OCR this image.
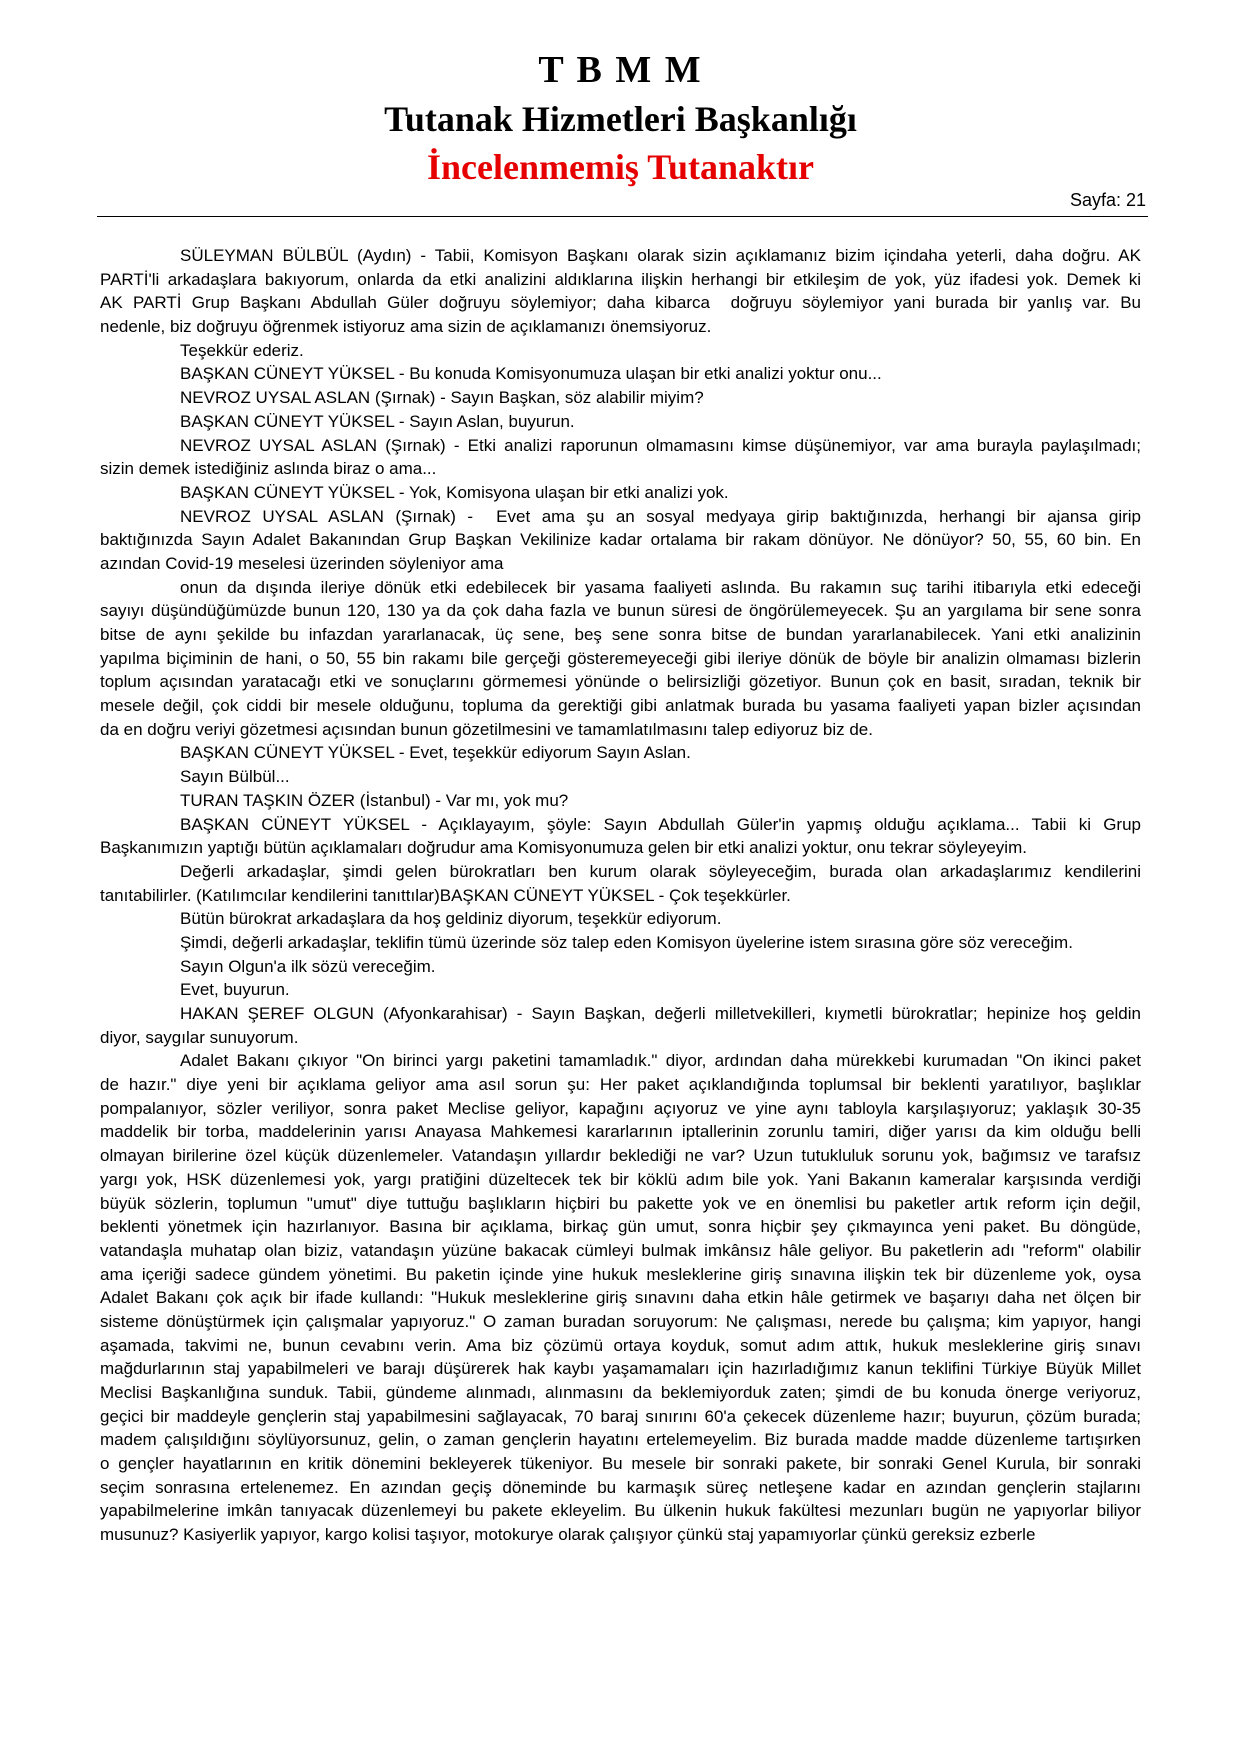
T B M M
Tutanak Hizmetleri Başkanlığı
İncelenmemiş Tutanaktır
Sayfa: 21
SÜLEYMAN BÜLBÜL (Aydın) - Tabii, Komisyon Başkanı olarak sizin açıklamanız bizim içindaha yeterli, daha doğru. AK
PARTİ'li arkadaşlara bakıyorum, onlarda da etki analizini aldıklarına ilişkin herhangi bir etkileşim de yok, yüz ifadesi yok. Demek ki
AK PARTİ Grup Başkanı Abdullah Güler doğruyu söylemiyor; daha kibarca  doğruyu söylemiyor yani burada bir yanlış var. Bu
nedenle, biz doğruyu öğrenmek istiyoruz ama sizin de açıklamanızı önemsiyoruz.
Teşekkür ederiz.
BAŞKAN CÜNEYT YÜKSEL - Bu konuda Komisyonumuza ulaşan bir etki analizi yoktur onu...
NEVROZ UYSAL ASLAN (Şırnak) - Sayın Başkan, söz alabilir miyim?
BAŞKAN CÜNEYT YÜKSEL - Sayın Aslan, buyurun.
NEVROZ UYSAL ASLAN (Şırnak) - Etki analizi raporunun olmamasını kimse düşünemiyor, var ama burayla paylaşılmadı;
sizin demek istediğiniz aslında biraz o ama...
BAŞKAN CÜNEYT YÜKSEL - Yok, Komisyona ulaşan bir etki analizi yok.
NEVROZ UYSAL ASLAN (Şırnak) -  Evet ama şu an sosyal medyaya girip baktığınızda, herhangi bir ajansa girip
baktığınızda Sayın Adalet Bakanından Grup Başkan Vekilinize kadar ortalama bir rakam dönüyor. Ne dönüyor? 50, 55, 60 bin. En
azından Covid-19 meselesi üzerinden söyleniyor ama
onun da dışında ileriye dönük etki edebilecek bir yasama faaliyeti aslında. Bu rakamın suç tarihi itibarıyla etki edeceği
sayıyı düşündüğümüzde bunun 120, 130 ya da çok daha fazla ve bunun süresi de öngörülemeyecek. Şu an yargılama bir sene sonra
bitse de aynı şekilde bu infazdan yararlanacak, üç sene, beş sene sonra bitse de bundan yararlanabilecek. Yani etki analizinin
yapılma biçiminin de hani, o 50, 55 bin rakamı bile gerçeği gösteremeyeceği gibi ileriye dönük de böyle bir analizin olmaması bizlerin
toplum açısından yaratacağı etki ve sonuçlarını görmemesi yönünde o belirsizliği gözetiyor. Bunun çok en basit, sıradan, teknik bir
mesele değil, çok ciddi bir mesele olduğunu, topluma da gerektiği gibi anlatmak burada bu yasama faaliyeti yapan bizler açısından
da en doğru veriyi gözetmesi açısından bunun gözetilmesini ve tamamlatılmasını talep ediyoruz biz de.
BAŞKAN CÜNEYT YÜKSEL - Evet, teşekkür ediyorum Sayın Aslan.
Sayın Bülbül...
TURAN TAŞKIN ÖZER (İstanbul) - Var mı, yok mu?
BAŞKAN CÜNEYT YÜKSEL - Açıklayayım, şöyle: Sayın Abdullah Güler'in yapmış olduğu açıklama... Tabii ki Grup
Başkanımızın yaptığı bütün açıklamaları doğrudur ama Komisyonumuza gelen bir etki analizi yoktur, onu tekrar söyleyeyim.
Değerli arkadaşlar, şimdi gelen bürokratları ben kurum olarak söyleyeceğim, burada olan arkadaşlarımız kendilerini
tanıtabilirler.	(Katılımcılar kendilerini tanıttılar)BAŞKAN CÜNEYT YÜKSEL - Çok teşekkürler.
Bütün bürokrat arkadaşlara da hoş geldiniz diyorum, teşekkür ediyorum.
Şimdi, değerli arkadaşlar, teklifin tümü üzerinde söz talep eden Komisyon üyelerine istem sırasına göre söz vereceğim.
Sayın Olgun'a ilk sözü vereceğim.
Evet, buyurun.
HAKAN ŞEREF OLGUN (Afyonkarahisar) - Sayın Başkan, değerli milletvekilleri, kıymetli bürokratlar; hepinize hoş geldin
diyor, saygılar sunuyorum.
Adalet Bakanı çıkıyor "On birinci yargı paketini tamamladık." diyor, ardından daha mürekkebi kurumadan "On ikinci paket
de hazır." diye yeni bir açıklama geliyor ama asıl sorun şu: Her paket açıklandığında toplumsal bir beklenti yaratılıyor, başlıklar
pompalanıyor, sözler veriliyor, sonra paket Meclise geliyor, kapağını açıyoruz ve yine aynı tabloyla karşılaşıyoruz; yaklaşık 30-35
maddelik bir torba, maddelerinin yarısı Anayasa Mahkemesi kararlarının iptallerinin zorunlu tamiri, diğer yarısı da kim olduğu belli
olmayan birilerine özel küçük düzenlemeler. Vatandaşın yıllardır beklediği ne var? Uzun tutukluluk sorunu yok, bağımsız ve tarafsız
yargı yok, HSK düzenlemesi yok, yargı pratiğini düzeltecek tek bir köklü adım bile yok. Yani Bakanın kameralar karşısında verdiği
büyük sözlerin, toplumun "umut" diye tuttuğu başlıkların hiçbiri bu pakette yok ve en önemlisi bu paketler artık reform için değil,
beklenti yönetmek için hazırlanıyor. Basına bir açıklama, birkaç gün umut, sonra hiçbir şey çıkmayınca yeni paket. Bu döngüde,
vatandaşla muhatap olan biziz, vatandaşın yüzüne bakacak cümleyi bulmak imkânsız hâle geliyor. Bu paketlerin adı "reform" olabilir
ama içeriği sadece gündem yönetimi. Bu paketin içinde yine hukuk mesleklerine giriş sınavına ilişkin tek bir düzenleme yok, oysa
Adalet Bakanı çok açık bir ifade kullandı: "Hukuk mesleklerine giriş sınavını daha etkin hâle getirmek ve başarıyı daha net ölçen bir
sisteme dönüştürmek için çalışmalar yapıyoruz." O zaman buradan soruyorum: Ne çalışması, nerede bu çalışma; kim yapıyor, hangi
aşamada, takvimi ne, bunun cevabını verin. Ama biz çözümü ortaya koyduk, somut adım attık, hukuk mesleklerine giriş sınavı
mağdurlarının staj yapabilmeleri ve barajı düşürerek hak kaybı yaşamamaları için hazırladığımız kanun teklifini Türkiye Büyük Millet
Meclisi Başkanlığına sunduk. Tabii, gündeme alınmadı, alınmasını da beklemiyorduk zaten; şimdi de bu konuda önerge veriyoruz,
geçici bir maddeyle gençlerin staj yapabilmesini sağlayacak, 70 baraj sınırını 60'a çekecek düzenleme hazır; buyurun, çözüm burada;
madem çalışıldığını söylüyorsunuz, gelin, o zaman gençlerin hayatını ertelemeyelim. Biz burada madde madde düzenleme tartışırken
o gençler hayatlarının en kritik dönemini bekleyerek tükeniyor. Bu mesele bir sonraki pakete, bir sonraki Genel Kurula, bir sonraki
seçim sonrasına ertelenemez. En azından geçiş döneminde bu karmaşık süreç netleşene kadar en azından gençlerin stajlarını
yapabilmelerine imkân tanıyacak düzenlemeyi bu pakete ekleyelim. Bu ülkenin hukuk fakültesi mezunları bugün ne yapıyorlar biliyor
musunuz? Kasiyerlik yapıyor, kargo kolisi taşıyor, motokurye olarak çalışıyor çünkü staj yapamıyorlar çünkü gereksiz ezberle
